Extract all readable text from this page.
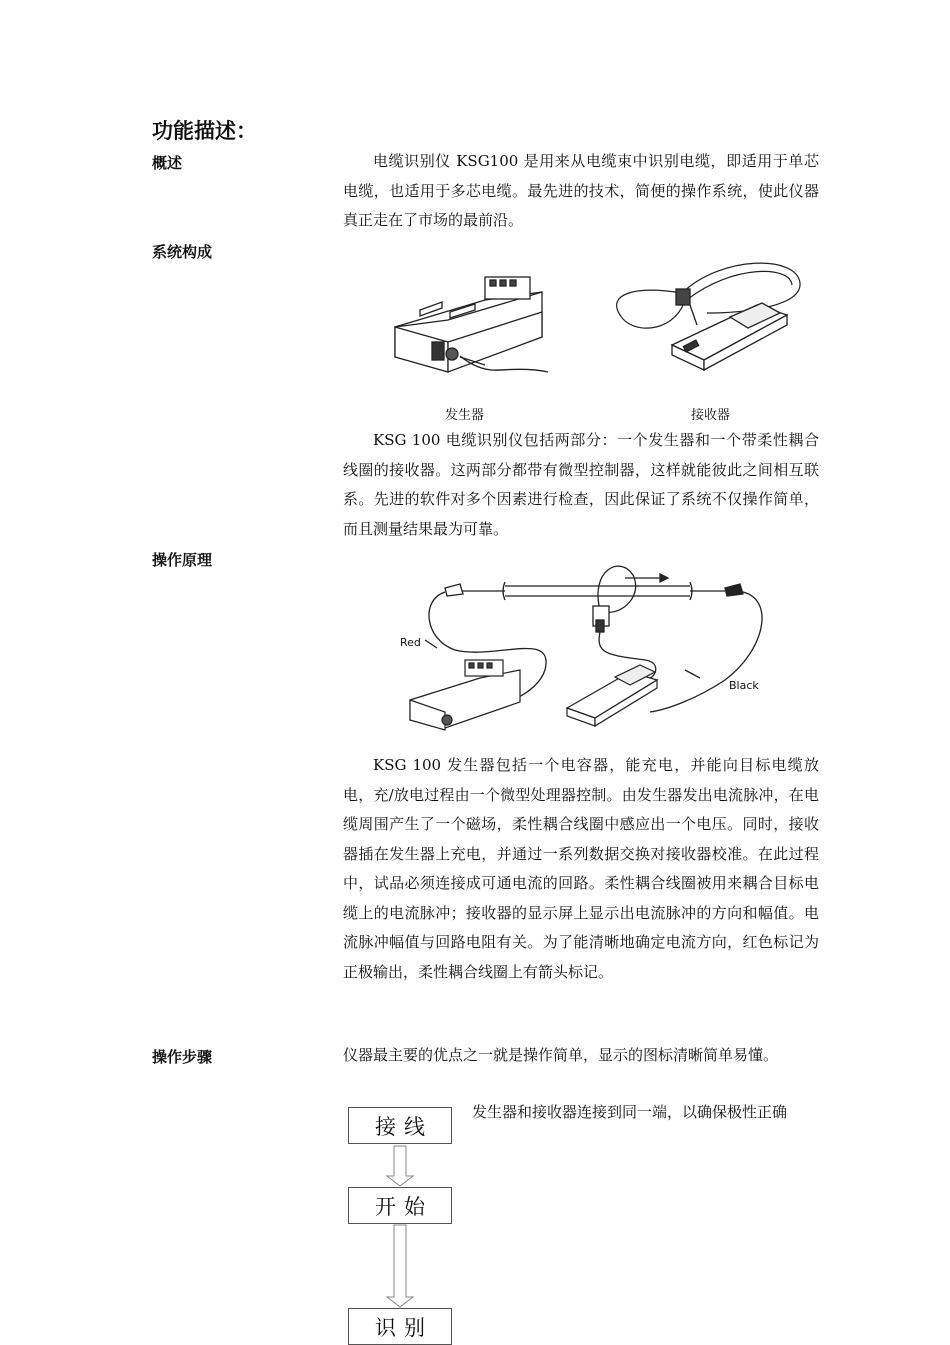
功能描述：
概述	电缆识别仪 KSG100 是用来从电缆束中识别电缆，即适用于单芯电缆，也适用于多芯电缆。最先进的技术，简便的操作系统，使此仪器真正走在了市场的最前沿。

系统构成
发生器	接收器

KSG 100 电缆识别仪包括两部分：一个发生器和一个带柔性耦合线圈的接收器。这两部分都带有微型控制器，这样就能彼此之间相互联系。先进的软件对多个因素进行检查，因此保证了系统不仅操作简单，而且测量结果最为可靠。

操作原理
Red
Black

KSG 100 发生器包括一个电容器，能充电，并能向目标电缆放电，充/放电过程由一个微型处理器控制。由发生器发出电流脉冲，在电缆周围产生了一个磁场，柔性耦合线圈中感应出一个电压。同时，接收器插在发生器上充电，并通过一系列数据交换对接收器校准。在此过程中，试品必须连接成可通电流的回路。柔性耦合线圈被用来耦合目标电缆上的电流脉冲；接收器的显示屏上显示出电流脉冲的方向和幅值。电流脉冲幅值与回路电阻有关。为了能清晰地确定电流方向，红色标记为正极输出，柔性耦合线圈上有箭头标记。

操作步骤	仪器最主要的优点之一就是操作简单，显示的图标清晰简单易懂。

接线
开始
识别
发生器和接收器连接到同一端，以确保极性正确
